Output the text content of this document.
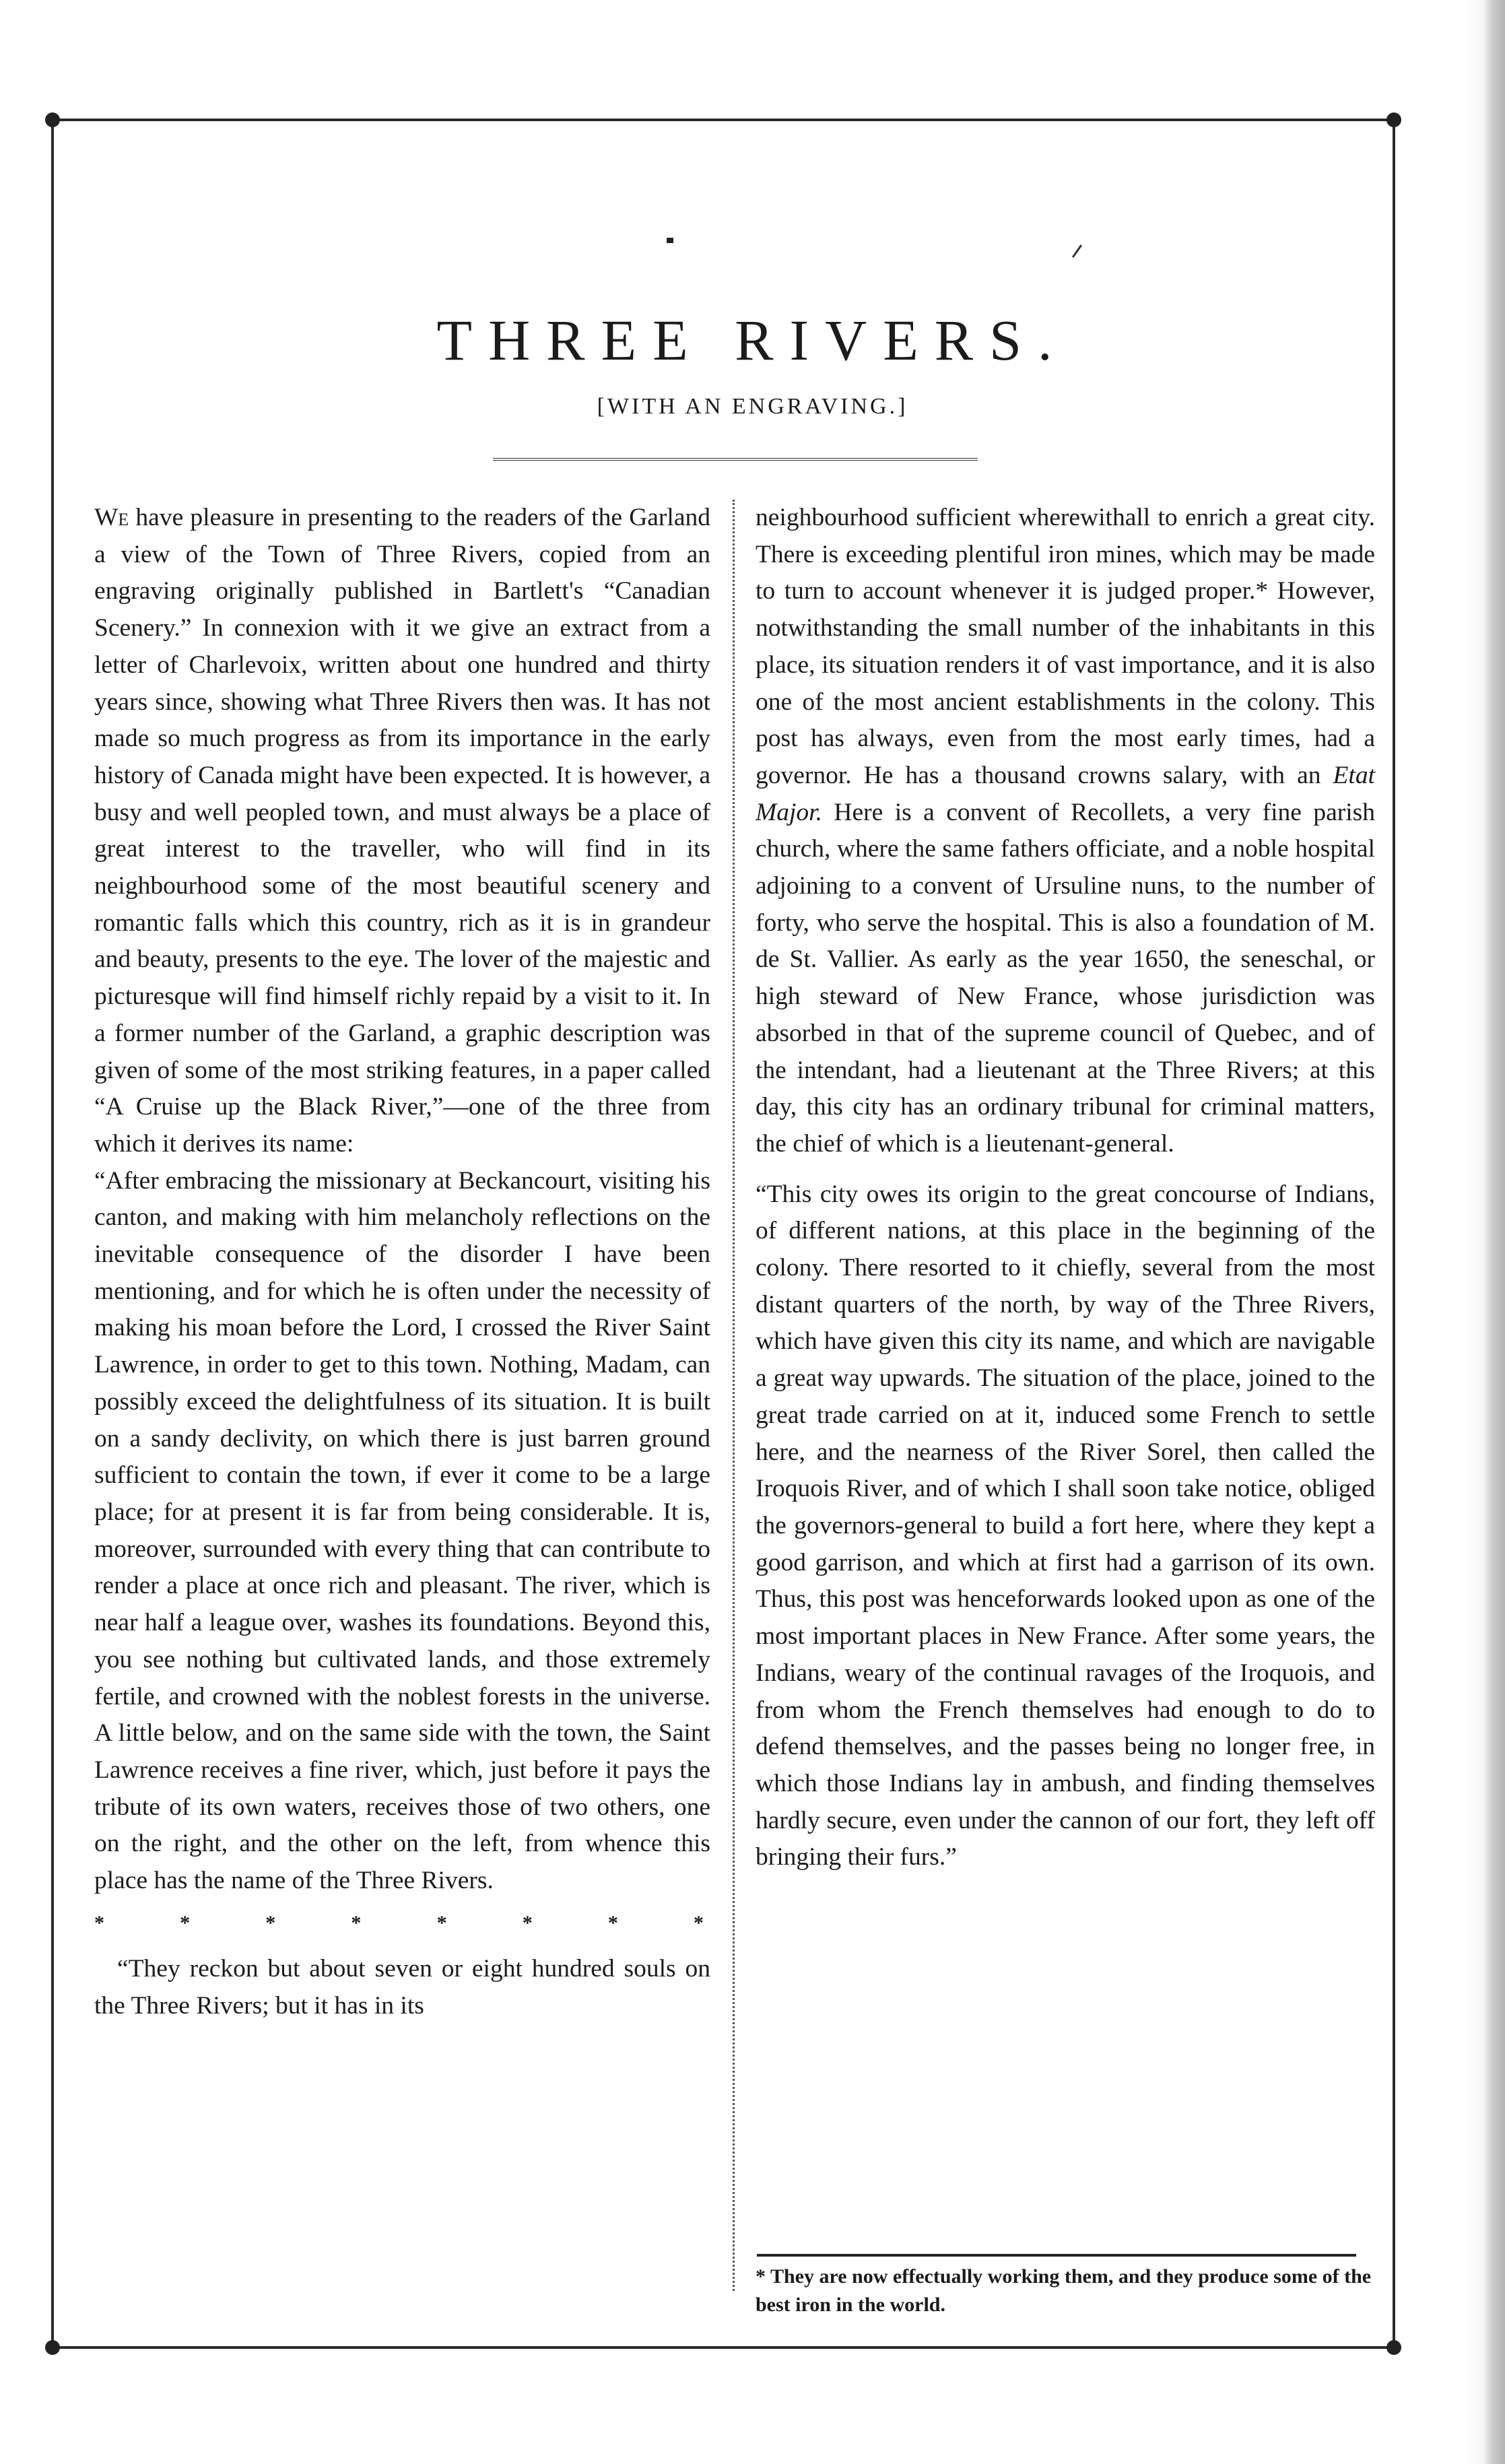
THREE RIVERS.
[WITH AN ENGRAVING.]

We have pleasure in presenting to the readers of the Garland a view of the Town of Three Rivers, copied from an engraving originally published in Bartlett's “Canadian Scenery.” In connexion with it we give an extract from a letter of Charlevoix, written about one hundred and thirty years since, showing what Three Rivers then was. It has not made so much progress as from its importance in the early history of Canada might have been expected. It is however, a busy and well peopled town, and must always be a place of great interest to the traveller, who will find in its neighbourhood some of the most beautiful scenery and romantic falls which this country, rich as it is in grandeur and beauty, presents to the eye. The lover of the majestic and picturesque will find himself richly repaid by a visit to it. In a former number of the Garland, a graphic description was given of some of the most striking features, in a paper called “A Cruise up the Black River,”—one of the three from which it derives its name:

“After embracing the missionary at Beckancourt, visiting his canton, and making with him melancholy reflections on the inevitable consequence of the disorder I have been mentioning, and for which he is often under the necessity of making his moan before the Lord, I crossed the River Saint Lawrence, in order to get to this town. Nothing, Madam, can possibly exceed the delightfulness of its situation. It is built on a sandy declivity, on which there is just barren ground sufficient to contain the town, if ever it come to be a large place; for at present it is far from being considerable. It is, moreover, surrounded with every thing that can contribute to render a place at once rich and pleasant. The river, which is near half a league over, washes its foundations. Beyond this, you see nothing but cultivated lands, and those extremely fertile, and crowned with the noblest forests in the universe. A little below, and on the same side with the town, the Saint Lawrence receives a fine river, which, just before it pays the tribute of its own waters, receives those of two others, one on the right, and the other on the left, from whence this place has the name of the Three Rivers.

*	*	*	*	*	*	*	*

“They reckon but about seven or eight hundred souls on the Three Rivers; but it has in its

neighbourhood sufficient wherewithall to enrich a great city. There is exceeding plentiful iron mines, which may be made to turn to account whenever it is judged proper.* However, notwithstanding the small number of the inhabitants in this place, its situation renders it of vast importance, and it is also one of the most ancient establishments in the colony. This post has always, even from the most early times, had a governor. He has a thousand crowns salary, with an Etat Major. Here is a convent of Recollets, a very fine parish church, where the same fathers officiate, and a noble hospital adjoining to a convent of Ursuline nuns, to the number of forty, who serve the hospital. This is also a foundation of M. de St. Vallier. As early as the year 1650, the seneschal, or high steward of New France, whose jurisdiction was absorbed in that of the supreme council of Quebec, and of the intendant, had a lieutenant at the Three Rivers; at this day, this city has an ordinary tribunal for criminal matters, the chief of which is a lieutenant-general.

“This city owes its origin to the great concourse of Indians, of different nations, at this place in the beginning of the colony. There resorted to it chiefly, several from the most distant quarters of the north, by way of the Three Rivers, which have given this city its name, and which are navigable a great way upwards. The situation of the place, joined to the great trade carried on at it, induced some French to settle here, and the nearness of the River Sorel, then called the Iroquois River, and of which I shall soon take notice, obliged the governors-general to build a fort here, where they kept a good garrison, and which at first had a garrison of its own. Thus, this post was henceforwards looked upon as one of the most important places in New France. After some years, the Indians, weary of the continual ravages of the Iroquois, and from whom the French themselves had enough to do to defend themselves, and the passes being no longer free, in which those Indians lay in ambush, and finding themselves hardly secure, even under the cannon of our fort, they left off bringing their furs.”

* They are now effectually working them, and they produce some of the best iron in the world.
